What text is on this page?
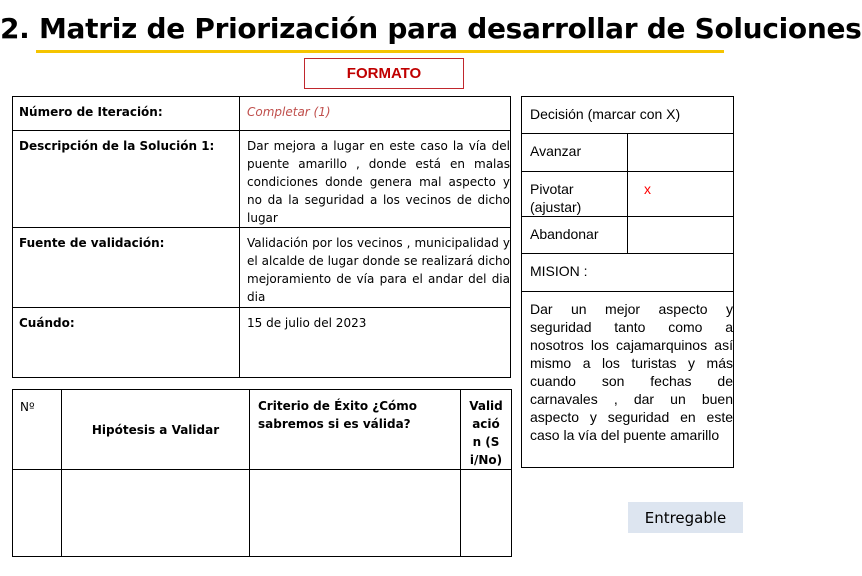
2. Matriz de Priorización para desarrollar de Soluciones
FORMATO
Número de Iteración:	Completar (1)
Descripción de la Solución 1:	Dar mejora a lugar en este caso la vía del puente amarillo , donde está en malas condiciones donde genera mal aspecto y no da la seguridad a los vecinos de dicho lugar
Fuente de validación:	Validación por los vecinos , municipalidad y el alcalde de lugar donde se realizará dicho mejoramiento de vía para el andar del dia dia
Cuándo:	15 de julio del 2023
Nº	Hipótesis a Validar	Criterio de Éxito ¿Cómo sabremos si es válida?	Validación (Si/No)

Decisión (marcar con X)	
Avanzar	
Pivotar (ajustar)	x
Abandonar	
MISION :	
Dar un mejor aspecto y seguridad tanto como a nosotros los cajamarquinos así mismo a los turistas y más cuando son fechas de carnavales , dar un buen aspecto y seguridad en este caso la vía del puente amarillo	
Entregable
